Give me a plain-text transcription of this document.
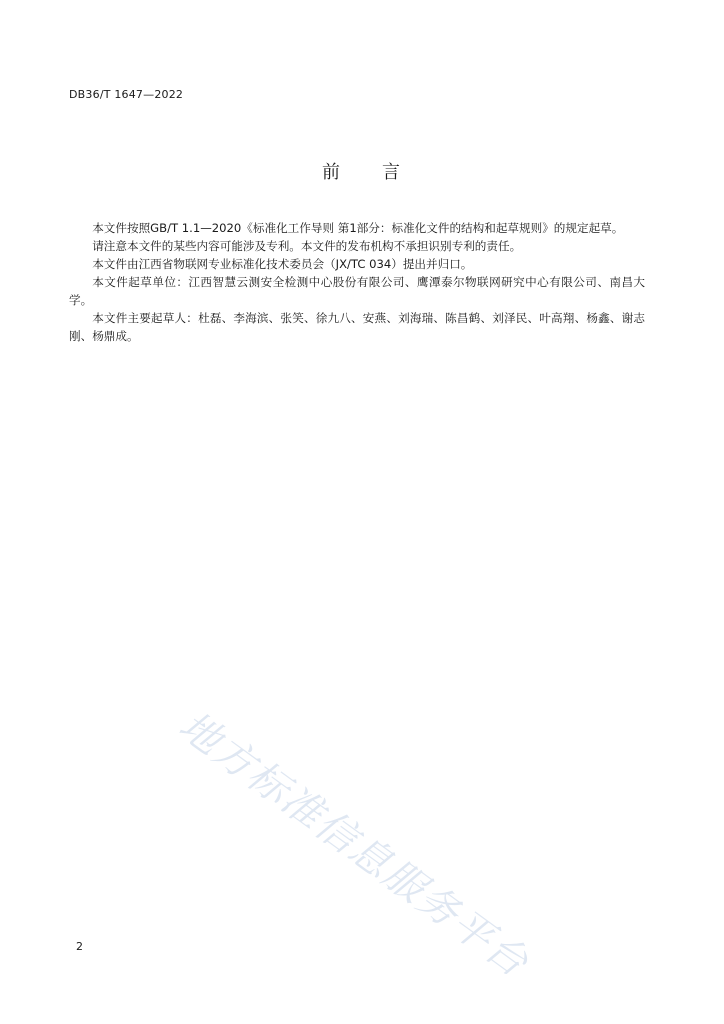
DB36/T 1647—2022
前 言

本文件按照GB/T 1.1—2020《标准化工作导则 第1部分：标准化文件的结构和起草规则》的规定起草。

请注意本文件的某些内容可能涉及专利。本文件的发布机构不承担识别专利的责任。

本文件由江西省物联网专业标准化技术委员会（JX/TC 034）提出并归口。

本文件起草单位：江西智慧云测安全检测中心股份有限公司、鹰潭泰尔物联网研究中心有限公司、南昌大学。

本文件主要起草人：杜磊、李海滨、张笑、徐九八、安燕、刘海瑞、陈昌鹤、刘泽民、叶高翔、杨鑫、谢志刚、杨鼎成。

地方标准信息服务平台
2
